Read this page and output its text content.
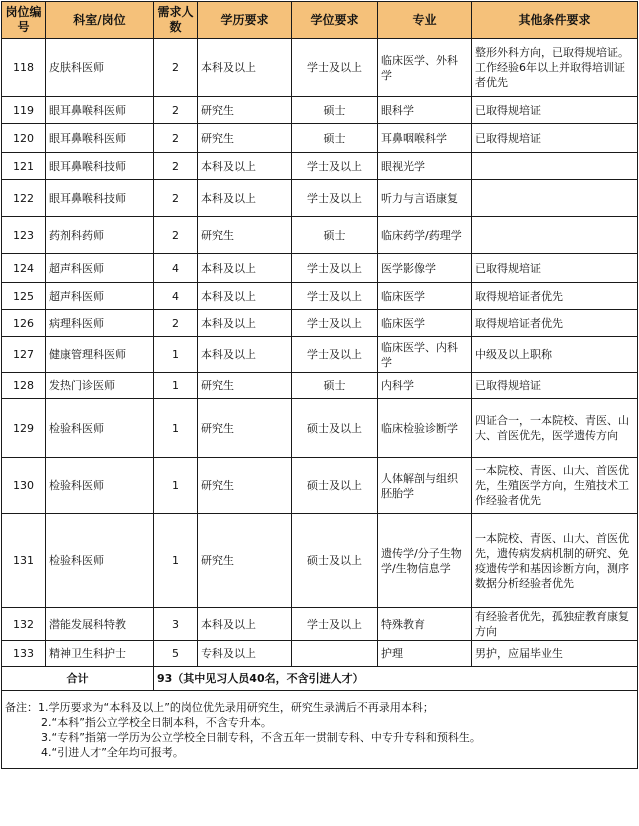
岗位编号	科室/岗位	需求人数	学历要求	学位要求	专业	其他条件要求
118	皮肤科医师	2	本科及以上	学士及以上	临床医学、外科学	整形外科方向，已取得规培证。工作经验6年以上并取得培训证者优先
119	眼耳鼻喉科医师	2	研究生	硕士	眼科学	已取得规培证
120	眼耳鼻喉科医师	2	研究生	硕士	耳鼻咽喉科学	已取得规培证
121	眼耳鼻喉科技师	2	本科及以上	学士及以上	眼视光学	
122	眼耳鼻喉科技师	2	本科及以上	学士及以上	听力与言语康复	
123	药剂科药师	2	研究生	硕士	临床药学/药理学	
124	超声科医师	4	本科及以上	学士及以上	医学影像学	已取得规培证
125	超声科医师	4	本科及以上	学士及以上	临床医学	取得规培证者优先
126	病理科医师	2	本科及以上	学士及以上	临床医学	取得规培证者优先
127	健康管理科医师	1	本科及以上	学士及以上	临床医学、内科学	中级及以上职称
128	发热门诊医师	1	研究生	硕士	内科学	已取得规培证
129	检验科医师	1	研究生	硕士及以上	临床检验诊断学	四证合一，一本院校、青医、山大、首医优先，医学遗传方向
130	检验科医师	1	研究生	硕士及以上	人体解剖与组织胚胎学	一本院校、青医、山大、首医优先，生殖医学方向，生殖技术工作经验者优先
131	检验科医师	1	研究生	硕士及以上	遗传学/分子生物学/生物信息学	一本院校、青医、山大、首医优先，遗传病发病机制的研究、免疫遗传学和基因诊断方向，测序数据分析经验者优先
132	潜能发展科特教	3	本科及以上	学士及以上	特殊教育	有经验者优先，孤独症教育康复方向
133	精神卫生科护士	5	专科及以上		护理	男护，应届毕业生
合计		93（其中见习人员40名，不含引进人才）				

备注：1.学历要求为“本科及以上”的岗位优先录用研究生，研究生录满后不再录用本科；
2.“本科”指公立学校全日制本科，不含专升本。
3.“专科”指第一学历为公立学校全日制专科，不含五年一贯制专科、中专升专科和预科生。
4.“引进人才”全年均可报考。						
